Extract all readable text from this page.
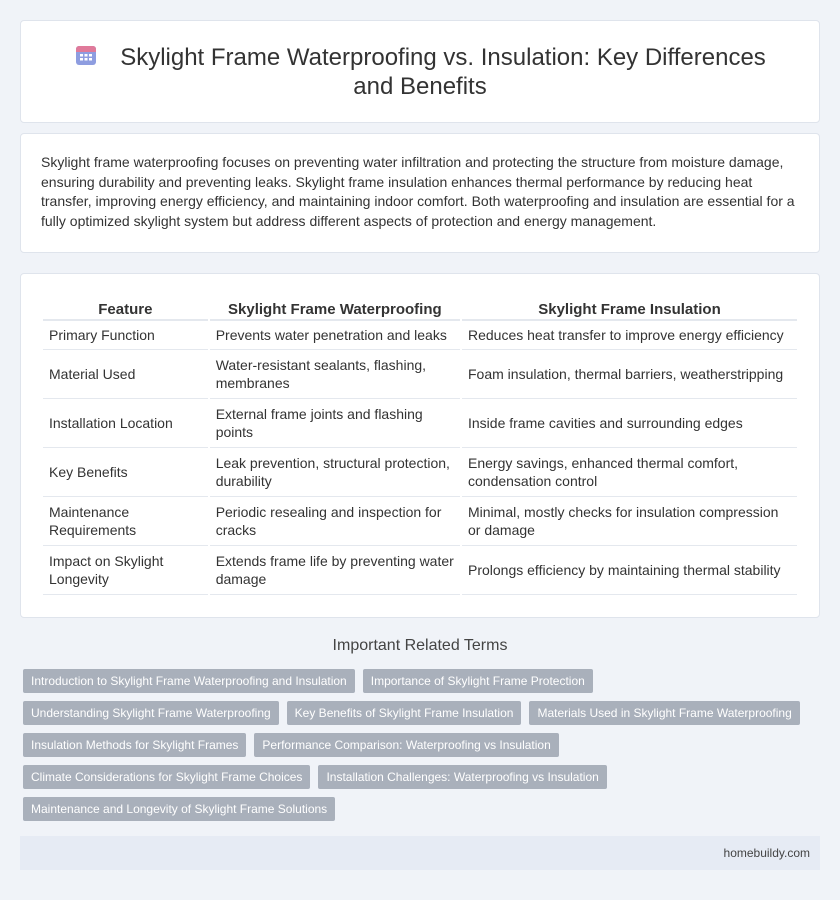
Skylight Frame Waterproofing vs. Insulation: Key Differences and Benefits

Skylight frame waterproofing focuses on preventing water infiltration and protecting the structure from moisture damage, ensuring durability and preventing leaks. Skylight frame insulation enhances thermal performance by reducing heat transfer, improving energy efficiency, and maintaining indoor comfort. Both waterproofing and insulation are essential for a fully optimized skylight system but address different aspects of protection and energy management.

Feature	Skylight Frame Waterproofing	Skylight Frame Insulation
Primary Function	Prevents water penetration and leaks	Reduces heat transfer to improve energy efficiency
Material Used	Water-resistant sealants, flashing, membranes	Foam insulation, thermal barriers, weatherstripping
Installation Location	External frame joints and flashing points	Inside frame cavities and surrounding edges
Key Benefits	Leak prevention, structural protection, durability	Energy savings, enhanced thermal comfort, condensation control
Maintenance Requirements	Periodic resealing and inspection for cracks	Minimal, mostly checks for insulation compression or damage
Impact on Skylight Longevity	Extends frame life by preventing water damage	Prolongs efficiency by maintaining thermal stability
Important Related Terms
Introduction to Skylight Frame Waterproofing and Insulation	Importance of Skylight Frame Protection
Understanding Skylight Frame Waterproofing	Key Benefits of Skylight Frame Insulation	Materials Used in Skylight Frame Waterproofing
Insulation Methods for Skylight Frames	Performance Comparison: Waterproofing vs Insulation
Climate Considerations for Skylight Frame Choices	Installation Challenges: Waterproofing vs Insulation
Maintenance and Longevity of Skylight Frame Solutions
homebuildy.com
